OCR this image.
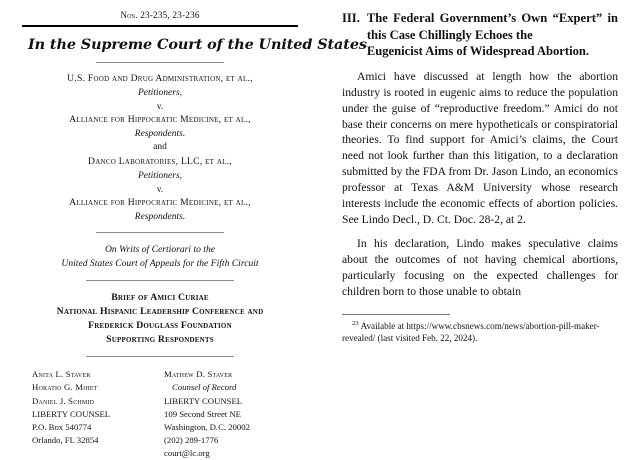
Nos. 23-235, 23-236
In the Supreme Court of the United States
U.S. Food and Drug Administration, et al.,
Petitioners,
v.
Alliance for Hippocratic Medicine, et al.,
Respondents.
and
Danco Laboratories, LLC, et al.,
Petitioners,
v.
Alliance for Hippocratic Medicine, et al.,
Respondents.
On Writs of Certiorari to the
United States Court of Appeals for the Fifth Circuit
Brief of Amici Curiae
National Hispanic Leadership Conference and
Frederick Douglass Foundation
Supporting Respondents
Anita L. Staver
Horatio G. Mihet
Daniel J. Schmid
LIBERTY COUNSEL
P.O. Box 540774
Orlando, FL 32854
Mathew D. Staver
Counsel of Record
LIBERTY COUNSEL
109 Second Street NE
Washington, D.C. 20002
(202) 289-1776
court@lc.org
III. The Federal Government’s Own “Expert” in this Case Chillingly Echoes the
Eugenicist Aims of Widespread Abortion.

Amici have discussed at length how the abortion industry is rooted in eugenic aims to reduce the population under the guise of “reproductive freedom.” Amici do not base their concerns on mere hypotheticals or conspiratorial theories. To find support for Amici’s claims, the Court need not look further than this litigation, to a declaration submitted by the FDA from Dr. Jason Lindo, an economics professor at Texas A&M University whose research interests include the economic effects of abortion policies. See Lindo Decl., D. Ct. Doc. 28-2, at 2.

In his declaration, Lindo makes speculative claims about the outcomes of not having chemical abortions, particularly focusing on the expected challenges for children born to those unable to obtain

$^{23}$ Available at https://www.cbsnews.com/news/abortion-pill-maker-revealed/ (last visited Feb. 22, 2024).
